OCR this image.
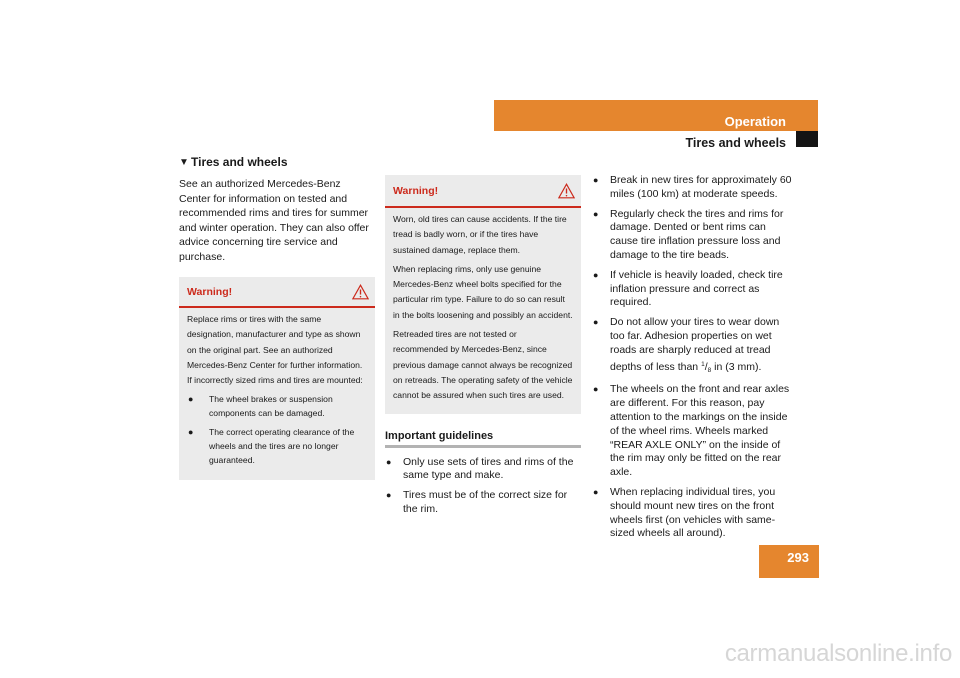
Operation
Tires and wheels
▼ Tires and wheels

See an authorized Mercedes-Benz Center for information on tested and recommended rims and tires for summer and winter operation. They can also offer advice concerning tire service and purchase.

Warning!

Replace rims or tires with the same designation, manufacturer and type as shown on the original part. See an authorized Mercedes-Benz Center for further information. If incorrectly sized rims and tires are mounted:

● The wheel brakes or suspension components can be damaged.
● The correct operating clearance of the wheels and the tires are no longer guaranteed.
Warning!

Worn, old tires can cause accidents. If the tire tread is badly worn, or if the tires have sustained damage, replace them.

When replacing rims, only use genuine Mercedes-Benz wheel bolts specified for the particular rim type. Failure to do so can result in the bolts loosening and possibly an accident.

Retreaded tires are not tested or recommended by Mercedes-Benz, since previous damage cannot always be recognized on retreads. The operating safety of the vehicle cannot be assured when such tires are used.

Important guidelines
● Only use sets of tires and rims of the same type and make.
● Tires must be of the correct size for the rim.
● Break in new tires for approximately 60 miles (100 km) at moderate speeds.
● Regularly check the tires and rims for damage. Dented or bent rims can cause tire inflation pressure loss and damage to the tire beads.
● If vehicle is heavily loaded, check tire inflation pressure and correct as required.
● Do not allow your tires to wear down too far. Adhesion properties on wet roads are sharply reduced at tread depths of less than $^1$/8 in (3 mm).
● The wheels on the front and rear axles are different. For this reason, pay attention to the markings on the inside of the wheel rims. Wheels marked “REAR AXLE ONLY” on the inside of the rim may only be fitted on the rear axle.
● When replacing individual tires, you should mount new tires on the front wheels first (on vehicles with same-sized wheels all around).
293
carmanualsonline.info
